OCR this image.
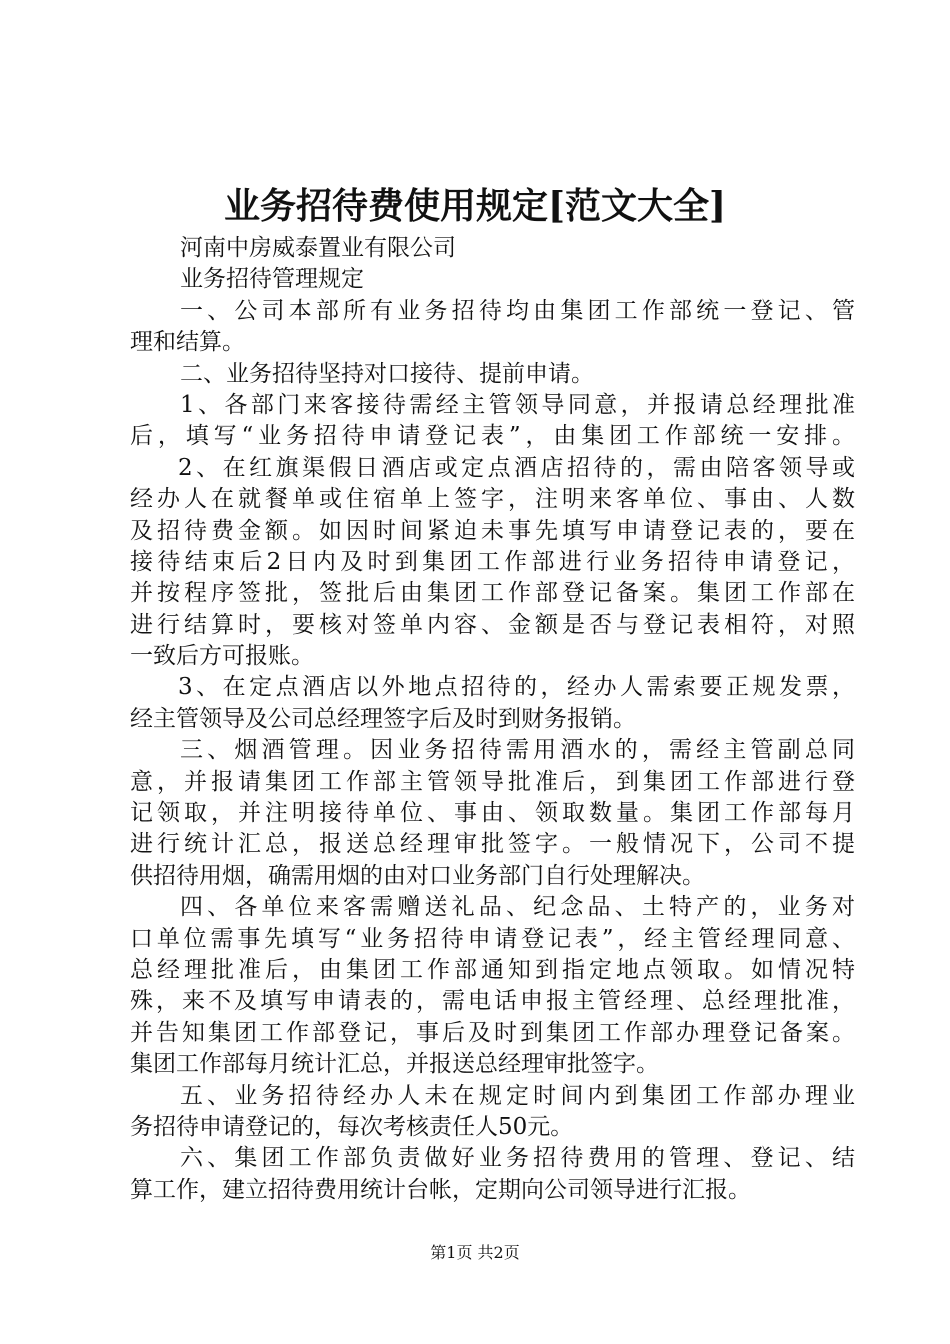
业务招待费使用规定[范文大全]
河南中房威泰置业有限公司
业务招待管理规定
一、公司本部所有业务招待均由集团工作部统一登记、管
理和结算。
二、业务招待坚持对口接待、提前申请。
1、各部门来客接待需经主管领导同意，并报请总经理批准
后，填写“业务招待申请登记表”，由集团工作部统一安排。
2、在红旗渠假日酒店或定点酒店招待的，需由陪客领导或
经办人在就餐单或住宿单上签字，注明来客单位、事由、人数
及招待费金额。如因时间紧迫未事先填写申请登记表的，要在
接待结束后2日内及时到集团工作部进行业务招待申请登记，
并按程序签批，签批后由集团工作部登记备案。集团工作部在
进行结算时，要核对签单内容、金额是否与登记表相符，对照
一致后方可报账。
3、在定点酒店以外地点招待的，经办人需索要正规发票，
经主管领导及公司总经理签字后及时到财务报销。
三、烟酒管理。因业务招待需用酒水的，需经主管副总同
意，并报请集团工作部主管领导批准后，到集团工作部进行登
记领取，并注明接待单位、事由、领取数量。集团工作部每月
进行统计汇总，报送总经理审批签字。一般情况下，公司不提
供招待用烟，确需用烟的由对口业务部门自行处理解决。
四、各单位来客需赠送礼品、纪念品、土特产的，业务对
口单位需事先填写“业务招待申请登记表”，经主管经理同意、
总经理批准后，由集团工作部通知到指定地点领取。如情况特
殊，来不及填写申请表的，需电话申报主管经理、总经理批准，
并告知集团工作部登记，事后及时到集团工作部办理登记备案。
集团工作部每月统计汇总，并报送总经理审批签字。
五、业务招待经办人未在规定时间内到集团工作部办理业
务招待申请登记的，每次考核责任人50元。
六、集团工作部负责做好业务招待费用的管理、登记、结
算工作，建立招待费用统计台帐，定期向公司领导进行汇报。
第1页 共2页
